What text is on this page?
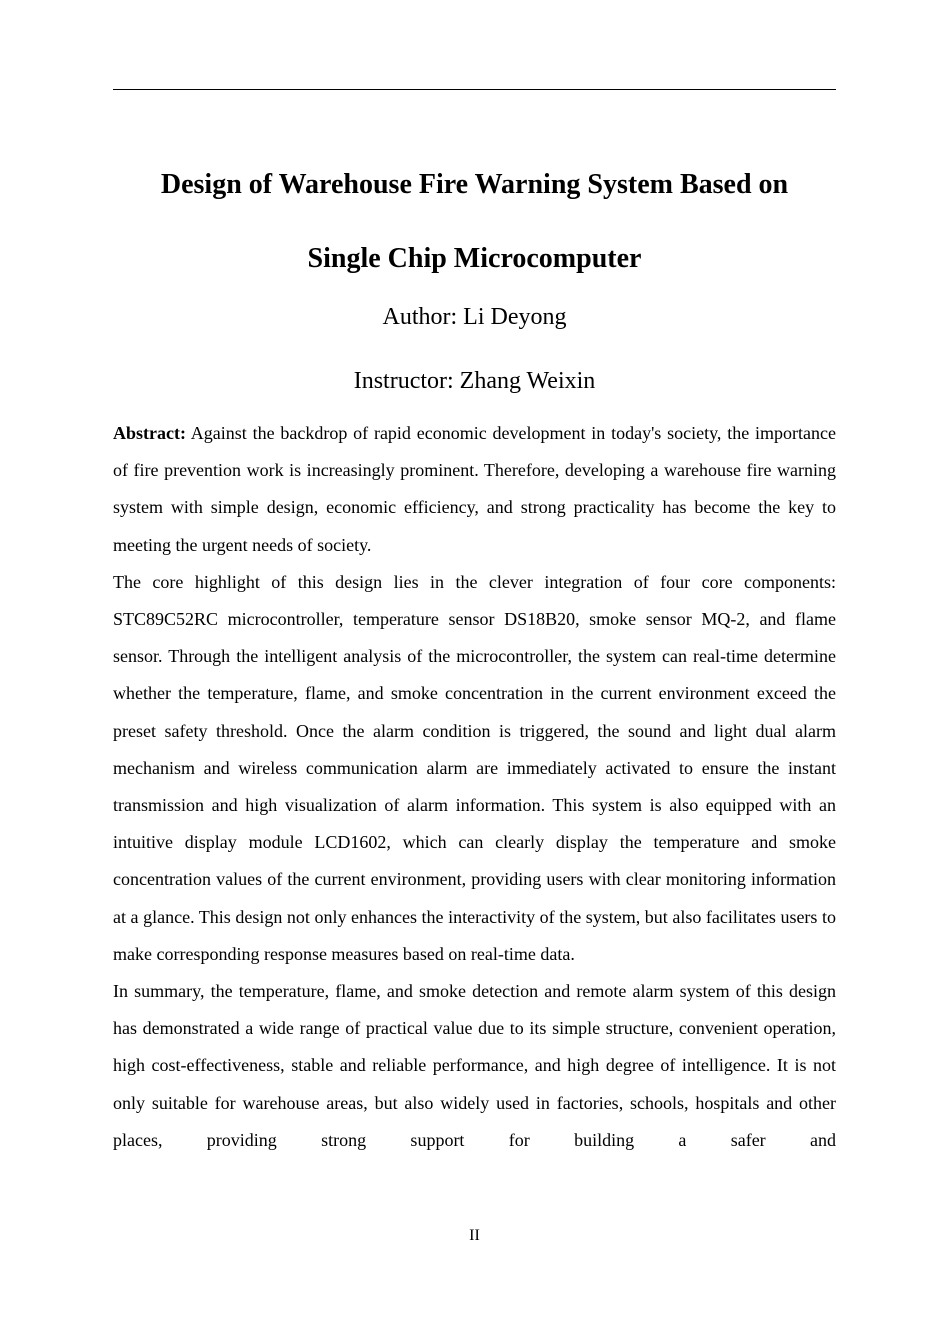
Design of Warehouse Fire Warning System Based on
Single Chip Microcomputer
Author: Li Deyong
Instructor: Zhang Weixin

Abstract: Against the backdrop of rapid economic development in today's society, the importance of fire prevention work is increasingly prominent. Therefore, developing a warehouse fire warning system with simple design, economic efficiency, and strong practicality has become the key to meeting the urgent needs of society.

The core highlight of this design lies in the clever integration of four core components: STC89C52RC microcontroller, temperature sensor DS18B20, smoke sensor MQ-2, and flame sensor. Through the intelligent analysis of the microcontroller, the system can real-time determine whether the temperature, flame, and smoke concentration in the current environment exceed the preset safety threshold. Once the alarm condition is triggered, the sound and light dual alarm mechanism and wireless communication alarm are immediately activated to ensure the instant transmission and high visualization of alarm information. This system is also equipped with an intuitive display module LCD1602, which can clearly display the temperature and smoke concentration values of the current environment, providing users with clear monitoring information at a glance. This design not only enhances the interactivity of the system, but also facilitates users to make corresponding response measures based on real-time data.

In summary, the temperature, flame, and smoke detection and remote alarm system of this design has demonstrated a wide range of practical value due to its simple structure, convenient operation, high cost-effectiveness, stable and reliable performance, and high degree of intelligence. It is not only suitable for warehouse areas, but also widely used in factories, schools, hospitals and other places, providing strong support for building a safer and

II
